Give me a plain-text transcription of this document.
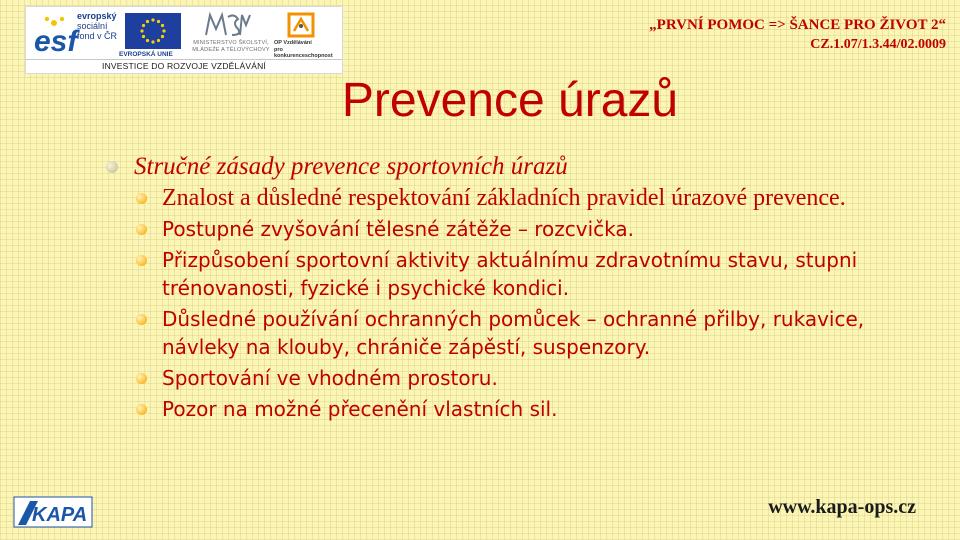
esf
evropský
sociální
fond v ČR
EVROPSKÁ UNIE
MINISTERSTVO ŠKOLSTVÍ,
MLÁDEŽE A TĚLOVÝCHOVY
OP Vzdělávání
pro konkurenceschopnost
INVESTICE DO ROZVOJE VZDĚLÁVÁNÍ
„PRVNÍ POMOC => ŠANCE PRO ŽIVOT 2“
CZ.1.07/1.3.44/02.0009
Prevence úrazů
Stručné zásady prevence sportovních úrazů
Znalost a důsledné respektování základních pravidel úrazové prevence.
Postupné zvyšování tělesné zátěže – rozcvička.
Přizpůsobení sportovní aktivity aktuálnímu zdravotnímu stavu, stupni trénovanosti, fyzické i psychické kondici.
Důsledné používání ochranných pomůcek – ochranné přilby, rukavice, návleky na klouby, chrániče zápěstí, suspenzory.
Sportování ve vhodném prostoru.
Pozor na možné přecenění vlastních sil.
KAPA	www.kapa-ops.cz
